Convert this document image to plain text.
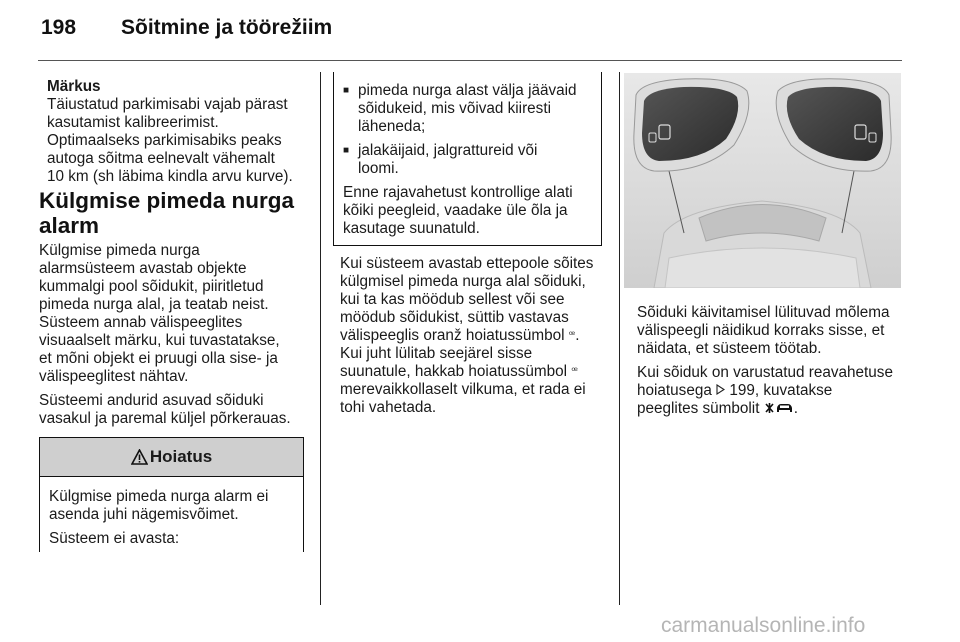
198 Sõitmine ja töörežiim
Märkus
Täiustatud parkimisabi vajab pärast
kasutamist kalibreerimist.
Optimaalseks parkimisabiks peaks
autoga sõitma eelnevalt vähemalt
10 km (sh läbima kindla arvu kurve).
Külgmise pimeda nurga
alarm

Külgmise pimeda nurga
alarmsüsteem avastab objekte
kummalgi pool sõidukit, piiritletud
pimeda nurga alal, ja teatab neist.
Süsteem annab välispeeglites
visuaalselt märku, kui tuvastatakse,
et mõni objekt ei pruugi olla sise- ja
välispeeglitest nähtav.

Süsteemi andurid asuvad sõiduki
vasakul ja paremal küljel põrkerauas.

Hoiatus

Külgmise pimeda nurga alarm ei
asenda juhi nägemisvõimet.

Süsteem ei avasta:

■ pimeda nurga alast välja jäävaid
sõidukeid, mis võivad kiiresti
läheneda;
■ jalakäijaid, jalgrattureid või
loomi.

Enne rajavahetust kontrollige alati
kõiki peegleid, vaadake üle õla ja
kasutage suunatuld.

Kui süsteem avastab ettepoole sõites
külgmisel pimeda nurga alal sõiduki,
kui ta kas möödub sellest või see
möödub sõidukist, süttib vastavas
välispeeglis oranž hoiatussümbol ꟹ.
Kui juht lülitab seejärel sisse
suunatule, hakkab hoiatussümbol ꟹ
merevaikkollaselt vilkuma, et rada ei
tohi vahetada.

Sõiduki käivitamisel lülituvad mõlema
välispeegli näidikud korraks sisse, et
näidata, et süsteem töötab.

Kui sõiduk on varustatud reavahetuse
hoiatusega 199, kuvatakse
peeglites sümbolit .

carmanualsonline.info
